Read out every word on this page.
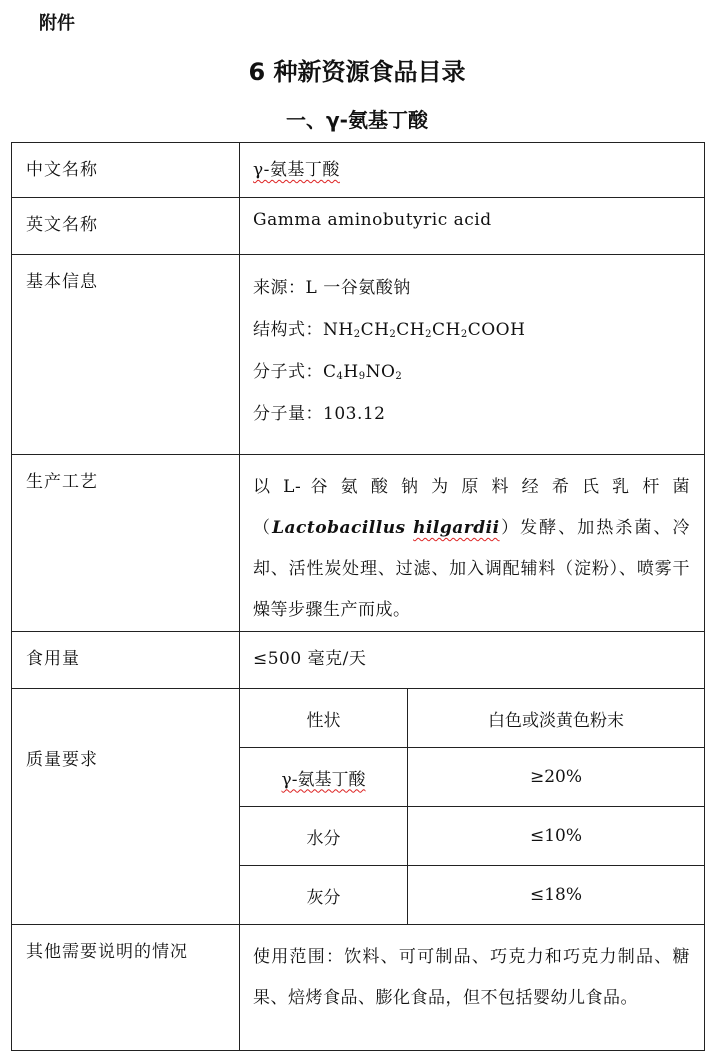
附件
6 种新资源食品目录
一、γ-氨基丁酸
中文名称	γ-氨基丁酸
英文名称	Gamma aminobutyric acid
基本信息	来源：L 一谷氨酸钠
结构式：$NH_2CH_2CH_2CH_2COOH$
分子式：$C_4H_9NO_2$
分子量：103.12

生产工艺	以 L- 谷 氨 酸 钠 为 原 料 经 希 氏 乳 杆 菌（Lactobacillus hilgardii）发酵、加热杀菌、冷却、活性炭处理、过滤、加入调配辅料（淀粉）、喷雾干燥等步骤生产而成。

食用量	≤500 毫克/天
质量要求	
性状	白色或淡黄色粉末
γ-氨基丁酸	≥20%
水分	≤10%
灰分	≤18%

其他需要说明的情况	使用范围：饮料、可可制品、巧克力和巧克力制品、糖果、焙烤食品、膨化食品，但不包括婴幼儿食品。
